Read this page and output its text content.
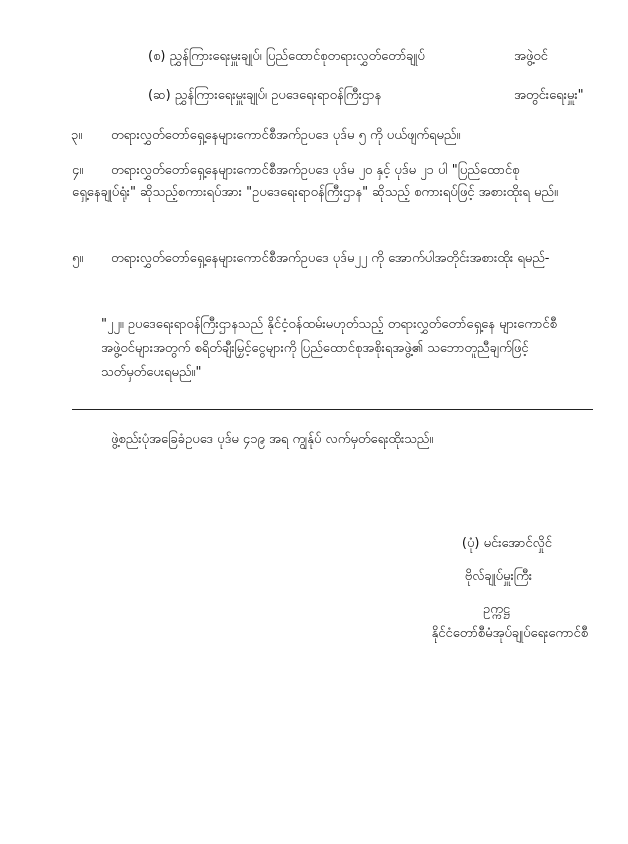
(စ) ညွှန်ကြားရေးမှူးချုပ်၊ ပြည်ထောင်စုတရားလွှတ်တော်ချုပ်	အဖွဲ့ဝင်
(ဆ) ညွှန်ကြားရေးမှူးချုပ်၊ ဥပဒေရေးရာဝန်ကြီးဌာန	အတွင်းရေးမှူး"
၃။	တရားလွှတ်တော်ရှေ့နေများကောင်စီအက်ဥပဒေ ပုဒ်မ ၅ ကို ပယ်ဖျက်ရမည်။
၄။ တရားလွှတ်တော်ရှေ့နေများကောင်စီအက်ဥပဒေ ပုဒ်မ ၂၀ နှင့် ပုဒ်မ ၂၁ ပါ "ပြည်ထောင်စု ရှေ့နေချုပ်ရုံး" ဆိုသည့်စကားရပ်အား "ဥပဒေရေးရာဝန်ကြီးဌာန" ဆိုသည့် စကားရပ်ဖြင့် အစားထိုးရ မည်။
၅။ တရားလွှတ်တော်ရှေ့နေများကောင်စီအက်ဥပဒေ ပုဒ်မ၂၂ ကို အောက်ပါအတိုင်းအစားထိုး ရမည်-
"၂၂။ ဥပဒေရေးရာဝန်ကြီးဌာနသည် နိုင်ငံ့ဝန်ထမ်းမဟုတ်သည့် တရားလွှတ်တော်ရှေ့နေ များကောင်စီ အဖွဲ့ဝင်များအတွက် စရိတ်ချီးမြှင့်ငွေများကို ပြည်ထောင်စုအစိုးရအဖွဲ့၏ သဘောတူညီချက်ဖြင့် သတ်မှတ်ပေးရမည်။"
ဖွဲ့စည်းပုံအခြေခံဥပဒေ ပုဒ်မ ၄၁၉ အရ ကျွန်ုပ် လက်မှတ်ရေးထိုးသည်။
(ပုံ) မင်းအောင်လှိုင်
ဗိုလ်ချုပ်မှူးကြီး
ဥက္ကဋ္ဌ
နိုင်ငံတော်စီမံအုပ်ချုပ်ရေးကောင်စီ
